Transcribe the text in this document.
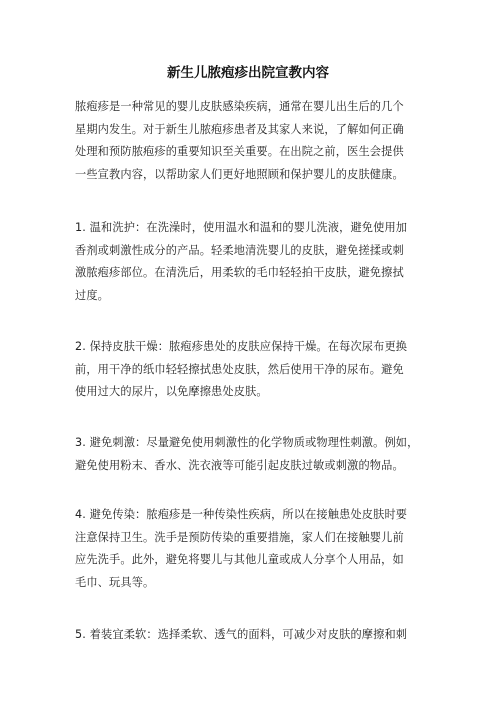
新生儿脓疱疹出院宣教内容
脓疱疹是一种常见的婴儿皮肤感染疾病，通常在婴儿出生后的几个
星期内发生。对于新生儿脓疱疹患者及其家人来说，了解如何正确
处理和预防脓疱疹的重要知识至关重要。在出院之前，医生会提供
一些宣教内容，以帮助家人们更好地照顾和保护婴儿的皮肤健康。
1. 温和洗护：在洗澡时，使用温水和温和的婴儿洗液，避免使用加
香剂或刺激性成分的产品。轻柔地清洗婴儿的皮肤，避免搓揉或刺
激脓疱疹部位。在清洗后，用柔软的毛巾轻轻拍干皮肤，避免擦拭
过度。
2. 保持皮肤干燥：脓疱疹患处的皮肤应保持干燥。在每次尿布更换
前，用干净的纸巾轻轻擦拭患处皮肤，然后使用干净的尿布。避免
使用过大的尿片，以免摩擦患处皮肤。
3. 避免刺激：尽量避免使用刺激性的化学物质或物理性刺激。例如，
避免使用粉末、香水、洗衣液等可能引起皮肤过敏或刺激的物品。
4. 避免传染：脓疱疹是一种传染性疾病，所以在接触患处皮肤时要
注意保持卫生。洗手是预防传染的重要措施，家人们在接触婴儿前
应先洗手。此外，避免将婴儿与其他儿童或成人分享个人用品，如
毛巾、玩具等。
5. 着装宜柔软：选择柔软、透气的面料，可减少对皮肤的摩擦和刺
